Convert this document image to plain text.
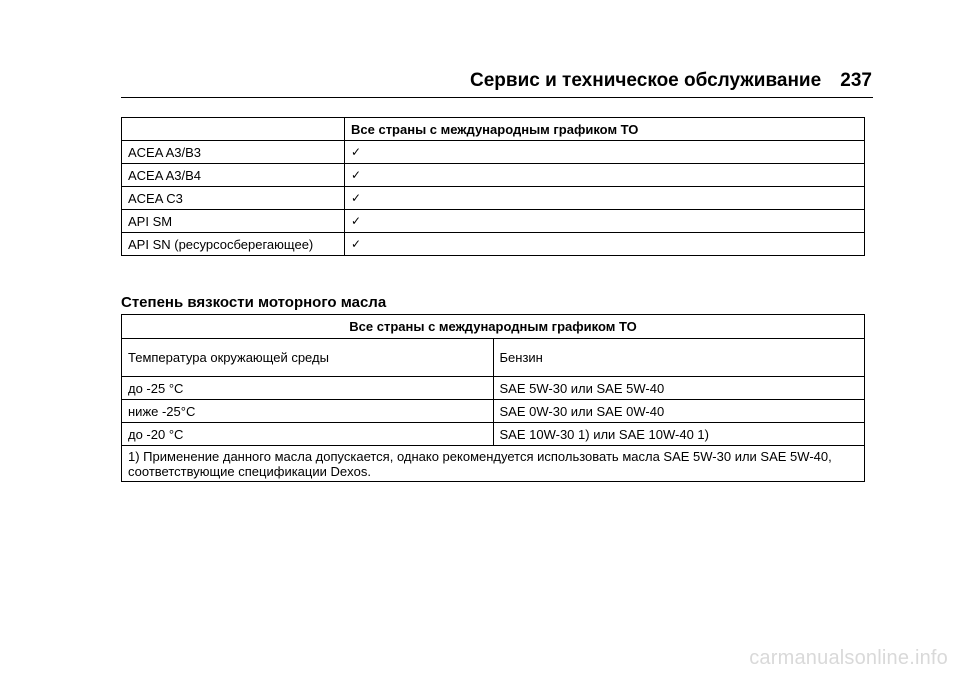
Сервис и техническое обслуживание	237
	Все страны с международным графиком ТО
ACEA A3/B3	✓
ACEA A3/B4	✓
ACEA C3	✓
API SM	✓
API SN (ресурсосберегающее)	✓
Степень вязкости моторного масла
Все страны с международным графиком ТО	
Температура окружающей среды	Бензин
до -25 °C	SAE 5W-30 или SAE 5W-40
ниже -25°C	SAE 0W-30 или SAE 0W-40
до -20 °C	SAE 10W-30 1) или SAE 10W-40 1)
1) Применение данного масла допускается, однако рекомендуется использовать масла SAE 5W-30 или SAE 5W-40, соответствующие спецификации Dexos.	
carmanualsonline.info
